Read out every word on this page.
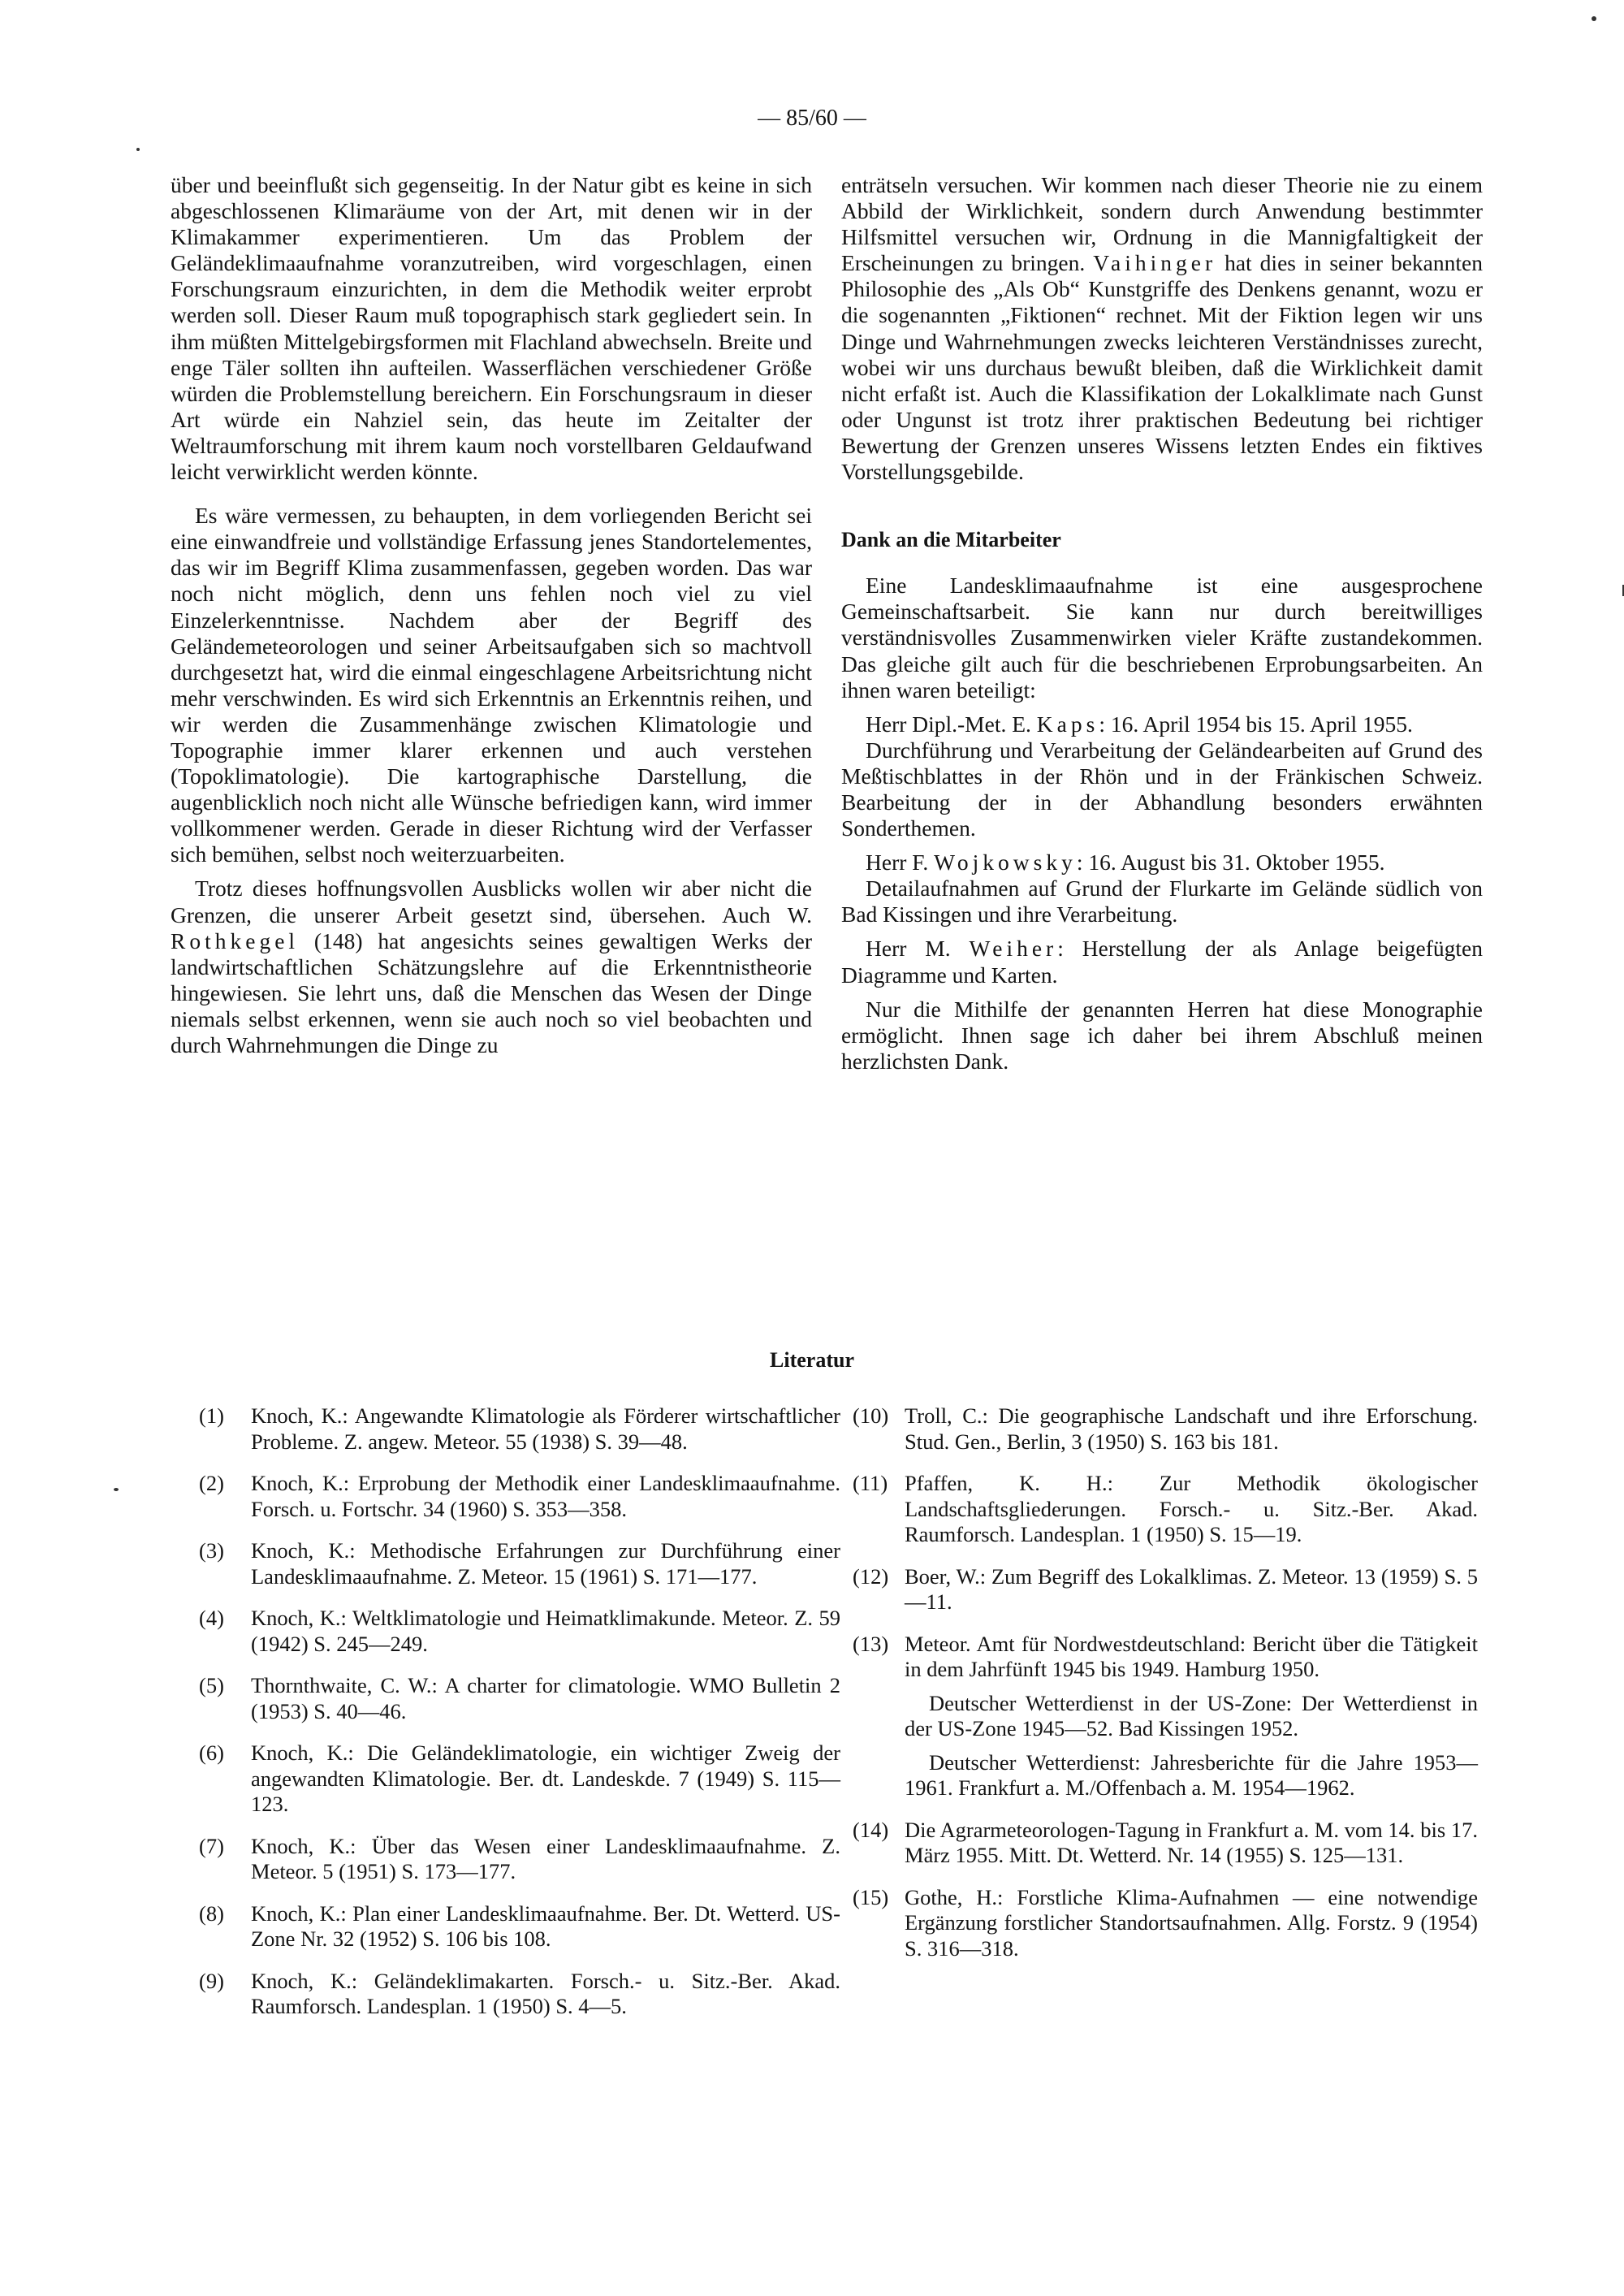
— 85/60 —

über und beeinflußt sich gegenseitig. In der Natur gibt es keine in sich abgeschlossenen Klimaräume von der Art, mit denen wir in der Klimakammer experimentieren. Um das Problem der Geländeklimaaufnahme voranzutreiben, wird vorgeschlagen, einen Forschungsraum einzurichten, in dem die Methodik weiter erprobt werden soll. Dieser Raum muß topographisch stark gegliedert sein. In ihm müßten Mittelgebirgsformen mit Flachland abwechseln. Breite und enge Täler sollten ihn aufteilen. Wasserflächen verschiedener Größe würden die Problemstellung bereichern. Ein Forschungsraum in dieser Art würde ein Nahziel sein, das heute im Zeitalter der Weltraumforschung mit ihrem kaum noch vorstellbaren Geldaufwand leicht verwirklicht werden könnte.

Es wäre vermessen, zu behaupten, in dem vorliegenden Bericht sei eine einwandfreie und vollständige Erfassung jenes Standortelementes, das wir im Begriff Klima zusammenfassen, gegeben worden. Das war noch nicht möglich, denn uns fehlen noch viel zu viel Einzelerkenntnisse. Nachdem aber der Begriff des Geländemeteorologen und seiner Arbeitsaufgaben sich so machtvoll durchgesetzt hat, wird die einmal eingeschlagene Arbeitsrichtung nicht mehr verschwinden. Es wird sich Erkenntnis an Erkenntnis reihen, und wir werden die Zusammenhänge zwischen Klimatologie und Topographie immer klarer erkennen und auch verstehen (Topoklimatologie). Die kartographische Darstellung, die augenblicklich noch nicht alle Wünsche befriedigen kann, wird immer vollkommener werden. Gerade in dieser Richtung wird der Verfasser sich bemühen, selbst noch weiterzuarbeiten.

Trotz dieses hoffnungsvollen Ausblicks wollen wir aber nicht die Grenzen, die unserer Arbeit gesetzt sind, übersehen. Auch W. Rothkegel (148) hat angesichts seines gewaltigen Werks der landwirtschaftlichen Schätzungslehre auf die Erkenntnistheorie hingewiesen. Sie lehrt uns, daß die Menschen das Wesen der Dinge niemals selbst erkennen, wenn sie auch noch so viel beobachten und durch Wahrnehmungen die Dinge zu

enträtseln versuchen. Wir kommen nach dieser Theorie nie zu einem Abbild der Wirklichkeit, sondern durch Anwendung bestimmter Hilfsmittel versuchen wir, Ordnung in die Mannigfaltigkeit der Erscheinungen zu bringen. Vaihinger hat dies in seiner bekannten Philosophie des „Als Ob“ Kunstgriffe des Denkens genannt, wozu er die sogenannten „Fiktionen“ rechnet. Mit der Fiktion legen wir uns Dinge und Wahrnehmungen zwecks leichteren Verständnisses zurecht, wobei wir uns durchaus bewußt bleiben, daß die Wirklichkeit damit nicht erfaßt ist. Auch die Klassifikation der Lokalklimate nach Gunst oder Ungunst ist trotz ihrer praktischen Bedeutung bei richtiger Bewertung der Grenzen unseres Wissens letzten Endes ein fiktives Vorstellungsgebilde.

Dank an die Mitarbeiter

Eine Landesklimaaufnahme ist eine ausgesprochene Gemeinschaftsarbeit. Sie kann nur durch bereitwilliges verständnisvolles Zusammenwirken vieler Kräfte zustandekommen. Das gleiche gilt auch für die beschriebenen Erprobungsarbeiten. An ihnen waren beteiligt:

Herr Dipl.-Met. E. Kaps: 16. April 1954 bis 15. April 1955.

Durchführung und Verarbeitung der Geländearbeiten auf Grund des Meßtischblattes in der Rhön und in der Fränkischen Schweiz. Bearbeitung der in der Abhandlung besonders erwähnten Sonderthemen.

Herr F. Wojkowsky: 16. August bis 31. Oktober 1955.

Detailaufnahmen auf Grund der Flurkarte im Gelände südlich von Bad Kissingen und ihre Verarbeitung.

Herr M. Weiher: Herstellung der als Anlage beigefügten Diagramme und Karten.

Nur die Mithilfe der genannten Herren hat diese Monographie ermöglicht. Ihnen sage ich daher bei ihrem Abschluß meinen herzlichsten Dank.

Literatur
(1)	Knoch, K.: Angewandte Klimatologie als Förderer wirtschaftlicher Probleme. Z. angew. Meteor. 55 (1938) S. 39—48.

(2)	Knoch, K.: Erprobung der Methodik einer Landesklimaaufnahme. Forsch. u. Fortschr. 34 (1960) S. 353—358.

(3)	Knoch, K.: Methodische Erfahrungen zur Durchführung einer Landesklimaaufnahme. Z. Meteor. 15 (1961) S. 171—177.

(4)	Knoch, K.: Weltklimatologie und Heimatklimakunde. Meteor. Z. 59 (1942) S. 245—249.

(5)	Thornthwaite, C. W.: A charter for climatologie. WMO Bulletin 2 (1953) S. 40—46.

(6)	Knoch, K.: Die Geländeklimatologie, ein wichtiger Zweig der angewandten Klimatologie. Ber. dt. Landeskde. 7 (1949) S. 115—123.

(7)	Knoch, K.: Über das Wesen einer Landesklimaaufnahme. Z. Meteor. 5 (1951) S. 173—177.

(8)	Knoch, K.: Plan einer Landesklimaaufnahme. Ber. Dt. Wetterd. US-Zone Nr. 32 (1952) S. 106 bis 108.

(9)	Knoch, K.: Geländeklimakarten. Forsch.- u. Sitz.-Ber. Akad. Raumforsch. Landesplan. 1 (1950) S. 4—5.

(10) Troll, C.: Die geographische Landschaft und ihre Erforschung. Stud. Gen., Berlin, 3 (1950) S. 163 bis 181.

(11) Pfaffen, K. H.: Zur Methodik ökologischer Landschaftsgliederungen. Forsch.- u. Sitz.-Ber. Akad. Raumforsch. Landesplan. 1 (1950) S. 15—19.

(12) Boer, W.: Zum Begriff des Lokalklimas. Z. Meteor. 13 (1959) S. 5—11.

(13) Meteor. Amt für Nordwestdeutschland: Bericht über die Tätigkeit in dem Jahrfünft 1945 bis 1949. Hamburg 1950.

Deutscher Wetterdienst in der US-Zone: Der Wetterdienst in der US-Zone 1945—52. Bad Kissingen 1952.

Deutscher Wetterdienst: Jahresberichte für die Jahre 1953—1961. Frankfurt a. M./Offenbach a. M. 1954—1962.

(14) Die Agrarmeteorologen-Tagung in Frankfurt a. M. vom 14. bis 17. März 1955. Mitt. Dt. Wetterd. Nr. 14 (1955) S. 125—131.

(15) Gothe, H.: Forstliche Klima-Aufnahmen — eine notwendige Ergänzung forstlicher Standortsaufnahmen. Allg. Forstz. 9 (1954) S. 316—318.
